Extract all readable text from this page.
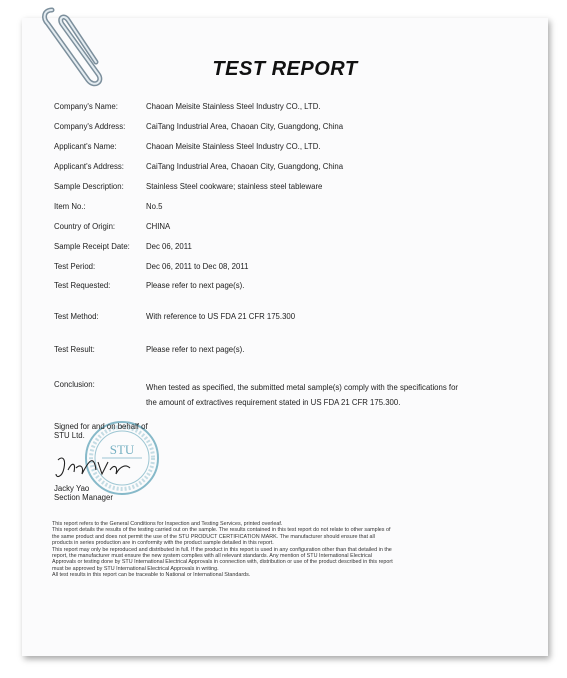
TEST REPORT
Company's Name:	Chaoan Meisite Stainless Steel Industry CO., LTD.
Company's Address:	CaiTang Industrial Area, Chaoan City, Guangdong, China
Applicant's Name:	Chaoan Meisite Stainless Steel Industry CO., LTD.
Applicant's Address:	CaiTang Industrial Area, Chaoan City, Guangdong, China
Sample Description:	Stainless Steel cookware; stainless steel tableware
Item No.:	No.5
Country of Origin:	CHINA
Sample Receipt Date: Dec 06, 2011
Test Period:	Dec 06, 2011 to Dec 08, 2011
Test Requested:	Please refer to next page(s).
Test Method:	With reference to US FDA 21 CFR 175.300
Test Result:	Please refer to next page(s).
Conclusion:	When tested as specified, the submitted metal sample(s) comply with the specifications for
the amount of extractives requirement stated in US FDA 21 CFR 175.300.
STU
Signed for and on behalf of
STU Ltd.
Jacky Yao
Section Manager
This report refers to the General Conditions for Inspection and Testing Services, printed overleaf.
This report details the results of the testing carried out on the sample. The results contained in this test report do not relate to other samples of
the same product and does not permit the use of the STU PRODUCT CERTIFICATION MARK. The manufacturer should ensure that all
products in series production are in conformity with the product sample detailed in this report.
This report may only be reproduced and distributed in full. If the product in this report is used in any configuration other than that detailed in the
report, the manufacturer must ensure the new system complies with all relevant standards. Any mention of STU International Electrical
Approvals or testing done by STU International Electrical Approvals in connection with, distribution or use of the product described in this report
must be approved by STU International Electrical Approvals in writing.
All test results in this report can be traceable to National or International Standards.
